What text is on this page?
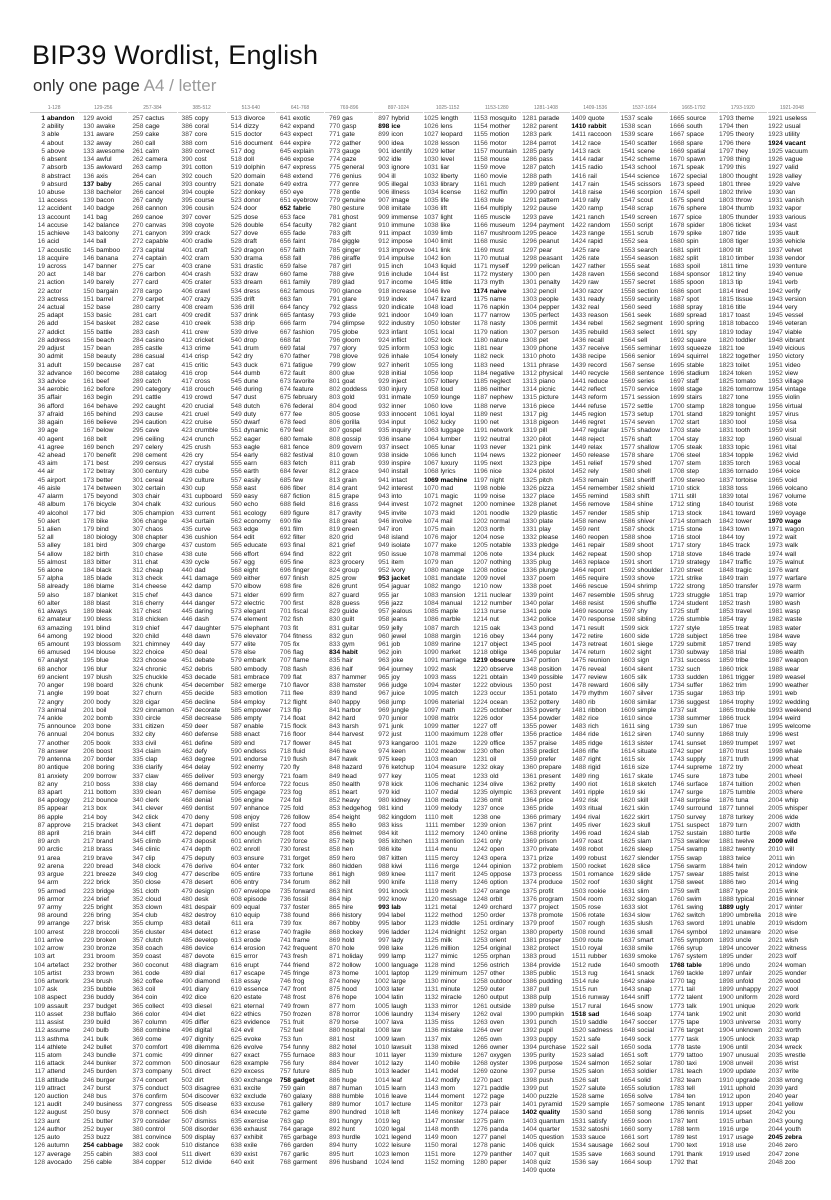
BIP39 Wordlist, English
only one page A4 / letter
1-128
1 abandon
2 ability
3 able
4 about
5 above
6 absent
7 absorb
8 abstract
9 absurd
10 abuse
11 access
12 accident
13 account
14 accuse
15 achieve
16 acid
17 acoustic
18 acquire
19 across
20 act
21 action
22 actor
23 actress
24 actual
25 adapt
26 add
27 addict
28 address
29 adjust
30 admit
31 adult
32 advance
33 advice
34 aerobic
35 affair
36 afford
37 afraid
38 again
39 age
40 agent
41 agree
42 ahead
43 aim
44 air
45 airport
46 aisle
47 alarm
48 album
49 alcohol
50 alert
51 alien
52 all
53 alley
54 allow
55 almost
56 alone
57 alpha
58 already
59 also
60 alter
61 always
62 amateur
63 amazing
64 among
65 amount
66 amused
67 analyst
68 anchor
69 ancient
70 anger
71 angle
72 angry
73 animal
74 ankle
75 announce
76 annual
77 another
78 answer
79 antenna
80 antique
81 anxiety
82 any
83 apart
84 apology
85 appear
86 apple
87 approve
88 april
89 arch
90 arctic
91 area
92 arena
93 argue
94 arm
95 armed
96 armor
97 army
98 around
99 arrange
100 arrest
101 arrive
102 arrow
103 art
104 artefact
105 artist
106 artwork
107 ask
108 aspect
109 assault
110 asset
111 assist
112 assume
113 asthma
114 athlete
115 atom
116 attack
117 attend
118 attitude
119 attract
120 auction
121 audit
122 august
123 aunt
124 author
125 auto
126 autumn
127 average
128 avocado
129-256
129 avoid
130 awake
131 aware
132 away
133 awesome
134 awful
135 awkward
136 axis
137 baby
138 bachelor
139 bacon
140 badge
141 bag
142 balance
143 balcony
144 ball
145 bamboo
146 banana
147 banner
148 bar
149 barely
150 bargain
151 barrel
152 base
153 basic
154 basket
155 battle
156 beach
157 bean
158 beauty
159 because
160 become
161 beef
162 before
163 begin
164 behave
165 behind
166 believe
167 below
168 belt
169 bench
170 benefit
171 best
172 betray
173 better
174 between
175 beyond
176 bicycle
177 bid
178 bike
179 bind
180 biology
181 bird
182 birth
183 bitter
184 black
185 blade
186 blame
187 blanket
188 blast
189 bleak
190 bless
191 blind
192 blood
193 blossom
194 blouse
195 blue
196 blur
197 blush
198 board
199 boat
200 body
201 boil
202 bomb
203 bone
204 bonus
205 book
206 boost
207 border
208 boring
209 borrow
210 boss
211 bottom
212 bounce
213 box
214 boy
215 bracket
216 brain
217 brand
218 brass
219 brave
220 bread
221 breeze
222 brick
223 bridge
224 brief
225 bright
226 bring
227 brisk
228 broccoli
229 broken
230 bronze
231 broom
232 brother
233 brown
234 brush
235 bubble
236 buddy
237 budget
238 buffalo
239 build
240 bulb
241 bulk
242 bullet
243 bundle
244 bunker
245 burden
246 burger
247 burst
248 bus
249 business
250 busy
251 butter
252 buyer
253 buzz
254 cabbage
255 cabin
256 cable
257-384
257 cactus
258 cage
259 cake
260 call
261 calm
262 camera
263 camp
264 can
265 canal
266 cancel
267 candy
268 cannon
269 canoe
270 canvas
271 canyon
272 capable
273 capital
274 captain
275 car
276 carbon
277 card
278 cargo
279 carpet
280 carry
281 cart
282 case
283 cash
284 casino
285 castle
286 casual
287 cat
288 catalog
289 catch
290 category
291 cattle
292 caught
293 cause
294 caution
295 cave
296 ceiling
297 celery
298 cement
299 census
300 century
301 cereal
302 certain
303 chair
304 chalk
305 champion
306 change
307 chaos
308 chapter
309 charge
310 chase
311 chat
312 cheap
313 check
314 cheese
315 chef
316 cherry
317 chest
318 chicken
319 chief
320 child
321 chimney
322 choice
323 choose
324 chronic
325 chuckle
326 chunk
327 churn
328 cigar
329 cinnamon
330 circle
331 citizen
332 city
333 civil
334 claim
335 clap
336 clarify
337 claw
338 clay
339 clean
340 clerk
341 clever
342 click
343 client
344 cliff
345 climb
346 clinic
347 clip
348 clock
349 clog
350 close
351 cloth
352 cloud
353 clown
354 club
355 clump
356 cluster
357 clutch
358 coach
359 coast
360 coconut
361 code
362 coffee
363 coil
364 coin
365 collect
366 color
367 column
368 combine
369 come
370 comfort
371 comic
372 common
373 company
374 concert
375 conduct
376 confirm
377 congress
378 connect
379 consider
380 control
381 convince
382 cook
383 cool
384 copper
385-512
385 copy
386 coral
387 core
388 corn
389 correct
390 cost
391 cotton
392 couch
393 country
394 couple
395 course
396 cousin
397 cover
398 coyote
399 crack
400 cradle
401 craft
402 cram
403 crane
404 crash
405 crater
406 crawl
407 crazy
408 cream
409 credit
410 creek
411 crew
412 cricket
413 crime
414 crisp
415 critic
416 crop
417 cross
418 crouch
419 crowd
420 crucial
421 cruel
422 cruise
423 crumble
424 crunch
425 crush
426 cry
427 crystal
428 cube
429 culture
430 cup
431 cupboard
432 curious
433 current
434 curtain
435 curve
436 cushion
437 custom
438 cute
439 cycle
440 dad
441 damage
442 damp
443 dance
444 danger
445 daring
446 dash
447 daughter
448 dawn
449 day
450 deal
451 debate
452 debris
453 decade
454 december
455 decide
456 decline
457 decorate
458 decrease
459 deer
460 defense
461 define
462 defy
463 degree
464 delay
465 deliver
466 demand
467 demise
468 denial
469 dentist
470 deny
471 depart
472 depend
473 deposit
474 depth
475 deputy
476 derive
477 describe
478 desert
479 design
480 desk
481 despair
482 destroy
483 detail
484 detect
485 develop
486 device
487 devote
488 diagram
489 dial
490 diamond
491 diary
492 dice
493 diesel
494 diet
495 differ
496 digital
497 dignity
498 dilemma
499 dinner
500 dinosaur
501 direct
502 dirt
503 disagree
504 discover
505 disease
506 dish
507 dismiss
508 disorder
509 display
510 distance
511 divert
512 divide
513-640
513 divorce
514 dizzy
515 doctor
516 document
517 dog
518 doll
519 dolphin
520 domain
521 donate
522 donkey
523 donor
524 door
525 dose
526 double
527 dove
528 draft
529 dragon
530 drama
531 drastic
532 draw
533 dream
534 dress
535 drift
536 drill
537 drink
538 drip
539 drive
540 drop
541 drum
542 dry
543 duck
544 dumb
545 dune
546 during
547 dust
548 dutch
549 duty
550 dwarf
551 dynamic
552 eager
553 eagle
554 early
555 earn
556 earth
557 easily
558 east
559 easy
560 echo
561 ecology
562 economy
563 edge
564 edit
565 educate
566 effort
567 egg
568 eight
569 either
570 elbow
571 elder
572 electric
573 elegant
574 element
575 elephant
576 elevator
577 elite
578 else
579 embark
580 embody
581 embrace
582 emerge
583 emotion
584 employ
585 empower
586 empty
587 enable
588 enact
589 end
590 endless
591 endorse
592 enemy
593 energy
594 enforce
595 engage
596 engine
597 enhance
598 enjoy
599 enlist
600 enough
601 enrich
602 enroll
603 ensure
604 enter
605 entire
606 entry
607 envelope
608 episode
609 equal
610 equip
611 era
612 erase
613 erode
614 erosion
615 error
616 erupt
617 escape
618 essay
619 essence
620 estate
621 eternal
622 ethics
623 evidence
624 evil
625 evoke
626 evolve
627 exact
628 example
629 excess
630 exchange
631 excite
632 exclude
633 excuse
634 execute
635 exercise
636 exhaust
637 exhibit
638 exile
639 exist
640 exit
641-768
641 exotic
642 expand
643 expect
644 expire
645 explain
646 expose
647 express
648 extend
649 extra
650 eye
651 eyebrow
652 fabric
653 face
654 faculty
655 fade
656 faint
657 faith
658 fall
659 false
660 fame
661 family
662 famous
663 fan
664 fancy
665 fantasy
666 farm
667 fashion
668 fat
669 fatal
670 father
671 fatigue
672 fault
673 favorite
674 feature
675 february
676 federal
677 fee
678 feed
679 feel
680 female
681 fence
682 festival
683 fetch
684 fever
685 few
686 fiber
687 fiction
688 field
689 figure
690 file
691 film
692 filter
693 final
694 find
695 fine
696 finger
697 finish
698 fire
699 firm
700 first
701 fiscal
702 fish
703 fit
704 fitness
705 fix
706 flag
707 flame
708 flash
709 flat
710 flavor
711 flee
712 flight
713 flip
714 float
715 flock
716 floor
717 flower
718 fluid
719 flush
720 fly
721 foam
722 focus
723 fog
724 foil
725 fold
726 follow
727 food
728 foot
729 force
730 forest
731 forget
732 fork
733 fortune
734 forum
735 forward
736 fossil
737 foster
738 found
739 fox
740 fragile
741 frame
742 frequent
743 fresh
744 friend
745 fringe
746 frog
747 front
748 frost
749 frown
750 frozen
751 fruit
752 fuel
753 fun
754 funny
755 furnace
756 fury
757 future
758 gadget
759 gain
760 galaxy
761 gallery
762 game
763 gap
764 garage
765 garbage
766 garden
767 garlic
768 garment
769-896
769 gas
770 gasp
771 gate
772 gather
773 gauge
774 gaze
775 general
776 genius
777 genre
778 gentle
779 genuine
780 gesture
781 ghost
782 giant
783 gift
784 giggle
785 ginger
786 giraffe
787 girl
788 give
789 glad
790 glance
791 glare
792 glass
793 glide
794 glimpse
795 globe
796 gloom
797 glory
798 glove
799 glow
800 glue
801 goat
802 goddess
803 gold
804 good
805 goose
806 gorilla
807 gospel
808 gossip
809 govern
810 gown
811 grab
812 grace
813 grain
814 grant
815 grape
816 grass
817 gravity
818 great
819 green
820 grid
821 grief
822 grit
823 grocery
824 group
825 grow
826 grunt
827 guard
828 guess
829 guide
830 guilt
831 guitar
832 gun
833 gym
834 habit
835 hair
836 half
837 hammer
838 hamster
839 hand
840 happy
841 harbor
842 hard
843 harsh
844 harvest
845 hat
846 have
847 hawk
848 hazard
849 head
850 health
851 heart
852 heavy
853 hedgehog
854 height
855 hello
856 helmet
857 help
858 hen
859 hero
860 hidden
861 high
862 hill
863 hint
864 hip
865 hire
866 history
867 hobby
868 hockey
869 hold
870 hole
871 holiday
872 hollow
873 home
874 honey
875 hood
876 hope
877 horn
878 horror
879 horse
880 hospital
881 host
882 hotel
883 hour
884 hover
885 hub
886 huge
887 human
888 humble
889 humor
890 hundred
891 hungry
892 hunt
893 hurdle
894 hurry
895 hurt
896 husband
897-1024
897 hybrid
898 ice
899 icon
900 idea
901 identify
902 idle
903 ignore
904 ill
905 illegal
906 illness
907 image
908 imitate
909 immense
910 immune
911 impact
912 impose
913 improve
914 impulse
915 inch
916 include
917 income
918 increase
919 index
920 indicate
921 indoor
922 industry
923 infant
924 inflict
925 inform
926 inhale
927 inherit
928 initial
929 inject
930 injury
931 inmate
932 inner
933 innocent
934 input
935 inquiry
936 insane
937 insect
938 inside
939 inspire
940 install
941 intact
942 interest
943 into
944 invest
945 invite
946 involve
947 iron
948 island
949 isolate
950 issue
951 item
952 ivory
953 jacket
954 jaguar
955 jar
956 jazz
957 jealous
958 jeans
959 jelly
960 jewel
961 job
962 join
963 joke
964 journey
965 joy
966 judge
967 juice
968 jump
969 jungle
970 junior
971 junk
972 just
973 kangaroo
974 keen
975 keep
976 ketchup
977 key
978 kick
979 kid
980 kidney
981 kind
982 kingdom
983 kiss
984 kit
985 kitchen
986 kite
987 kitten
988 kiwi
989 knee
990 knife
991 knock
992 know
993 lab
994 label
995 labor
996 ladder
997 lady
998 lake
999 lamp
1000 language
1001 laptop
1002 large
1003 later
1004 latin
1005 laugh
1006 laundry
1007 lava
1008 law
1009 lawn
1010 lawsuit
1011 layer
1012 lazy
1013 leader
1014 leaf
1015 learn
1016 leave
1017 lecture
1018 left
1019 leg
1020 legal
1021 legend
1022 leisure
1023 lemon
1024 lend
1025-1152
1025 length
1026 lens
1027 leopard
1028 lesson
1029 letter
1030 level
1031 liar
1032 liberty
1033 library
1034 license
1035 life
1036 lift
1037 light
1038 like
1039 limb
1040 limit
1041 link
1042 lion
1043 liquid
1044 list
1045 little
1046 live
1047 lizard
1048 load
1049 loan
1050 lobster
1051 local
1052 lock
1053 logic
1054 lonely
1055 long
1056 loop
1057 lottery
1058 loud
1059 lounge
1060 love
1061 loyal
1062 lucky
1063 luggage
1064 lumber
1065 lunar
1066 lunch
1067 luxury
1068 lyrics
1069 machine
1070 mad
1071 magic
1072 magnet
1073 maid
1074 mail
1075 main
1076 major
1077 make
1078 mammal
1079 man
1080 manage
1081 mandate
1082 mango
1083 mansion
1084 manual
1085 maple
1086 marble
1087 march
1088 margin
1089 marine
1090 market
1091 marriage
1092 mask
1093 mass
1094 master
1095 match
1096 material
1097 math
1098 matrix
1099 matter
1100 maximum
1101 maze
1102 meadow
1103 mean
1104 measure
1105 meat
1106 mechanic
1107 medal
1108 media
1109 melody
1110 melt
1111 member
1112 memory
1113 mention
1114 menu
1115 mercy
1116 merge
1117 merit
1118 merry
1119 mesh
1120 message
1121 metal
1122 method
1123 middle
1124 midnight
1125 milk
1126 million
1127 mimic
1128 mind
1129 minimum
1130 minor
1131 minute
1132 miracle
1133 mirror
1134 misery
1135 miss
1136 mistake
1137 mix
1138 mixed
1139 mixture
1140 mobile
1141 model
1142 modify
1143 mom
1144 moment
1145 monitor
1146 monkey
1147 monster
1148 month
1149 moon
1150 moral
1151 more
1152 morning
1153-1280
1153 mosquito
1154 mother
1155 motion
1156 motor
1157 mountain
1158 mouse
1159 move
1160 movie
1161 much
1162 muffin
1163 mule
1164 multiply
1165 muscle
1166 museum
1167 mushroom
1168 music
1169 must
1170 mutual
1171 myself
1172 mystery
1173 myth
1174 naive
1175 name
1176 napkin
1177 narrow
1178 nasty
1179 nation
1180 nature
1181 near
1182 neck
1183 need
1184 negative
1185 neglect
1186 neither
1187 nephew
1188 nerve
1189 nest
1190 net
1191 network
1192 neutral
1193 never
1194 news
1195 next
1196 nice
1197 night
1198 noble
1199 noise
1200 nominee
1201 noodle
1202 normal
1203 north
1204 nose
1205 notable
1206 note
1207 nothing
1208 notice
1209 novel
1210 now
1211 nuclear
1212 number
1213 nurse
1214 nut
1215 oak
1216 obey
1217 object
1218 oblige
1219 obscure
1220 observe
1221 obtain
1222 obvious
1223 occur
1224 ocean
1225 october
1226 odor
1227 off
1228 offer
1229 office
1230 often
1231 oil
1232 okay
1233 old
1234 olive
1235 olympic
1236 omit
1237 once
1238 one
1239 onion
1240 online
1241 only
1242 open
1243 opera
1244 opinion
1245 oppose
1246 option
1247 orange
1248 orbit
1249 orchard
1250 order
1251 ordinary
1252 organ
1253 orient
1254 original
1255 orphan
1256 ostrich
1257 other
1258 outdoor
1259 outer
1260 output
1261 outside
1262 oval
1263 oven
1264 over
1265 own
1266 owner
1267 oxygen
1268 oyster
1269 ozone
1270 pact
1271 paddle
1272 page
1273 pair
1274 palace
1275 palm
1276 panda
1277 panel
1278 panic
1279 panther
1280 paper
1281-1408
1281 parade
1282 parent
1283 park
1284 parrot
1285 party
1286 pass
1287 patch
1288 path
1289 patient
1290 patrol
1291 pattern
1292 pause
1293 pave
1294 payment
1295 peace
1296 peanut
1297 pear
1298 peasant
1299 pelican
1300 pen
1301 penalty
1302 pencil
1303 people
1304 pepper
1305 perfect
1306 permit
1307 person
1308 pet
1309 phone
1310 photo
1311 phrase
1312 physical
1313 piano
1314 picnic
1315 picture
1316 piece
1317 pig
1318 pigeon
1319 pill
1320 pilot
1321 pink
1322 pioneer
1323 pipe
1324 pistol
1325 pitch
1326 pizza
1327 place
1328 planet
1329 plastic
1330 plate
1331 play
1332 please
1333 pledge
1334 pluck
1335 plug
1336 plunge
1337 poem
1338 poet
1339 point
1340 polar
1341 pole
1342 police
1343 pond
1344 pony
1345 pool
1346 popular
1347 portion
1348 position
1349 possible
1350 post
1351 potato
1352 pottery
1353 poverty
1354 powder
1355 power
1356 practice
1357 praise
1358 predict
1359 prefer
1360 prepare
1361 present
1362 pretty
1363 prevent
1364 price
1365 pride
1366 primary
1367 print
1368 priority
1369 prison
1370 private
1371 prize
1372 problem
1373 process
1374 produce
1375 profit
1376 program
1377 project
1378 promote
1379 proof
1380 property
1381 prosper
1382 protect
1383 proud
1384 provide
1385 public
1386 pudding
1387 pull
1388 pulp
1389 pulse
1390 pumpkin
1391 punch
1392 pupil
1393 puppy
1394 purchase
1395 purity
1396 purpose
1397 purse
1398 push
1399 put
1400 puzzle
1401 pyramid
1402 quality
1403 quantum
1404 quarter
1405 question
1406 quick
1407 quit
1408 quiz
1409 quote
1409-1536
1409 quote
1410 rabbit
1411 raccoon
1412 race
1413 rack
1414 radar
1415 radio
1416 rail
1417 rain
1418 raise
1419 rally
1420 ramp
1421 ranch
1422 random
1423 range
1424 rapid
1425 rare
1426 rate
1427 rather
1428 raven
1429 raw
1430 razor
1431 ready
1432 real
1433 reason
1434 rebel
1435 rebuild
1436 recall
1437 receive
1438 recipe
1439 record
1440 recycle
1441 reduce
1442 reflect
1443 reform
1444 refuse
1445 region
1446 regret
1447 regular
1448 reject
1449 relax
1450 release
1451 relief
1452 rely
1453 remain
1454 remember
1455 remind
1456 remove
1457 render
1458 renew
1459 rent
1460 reopen
1461 repair
1462 repeat
1463 replace
1464 report
1465 require
1466 rescue
1467 resemble
1468 resist
1469 resource
1470 response
1471 result
1472 retire
1473 retreat
1474 return
1475 reunion
1476 reveal
1477 review
1478 reward
1479 rhythm
1480 rib
1481 ribbon
1482 rice
1483 rich
1484 ride
1485 ridge
1486 rifle
1487 right
1488 rigid
1489 ring
1490 riot
1491 ripple
1492 risk
1493 ritual
1494 rival
1495 river
1496 road
1497 roast
1498 robot
1499 robust
1500 rocket
1501 romance
1502 roof
1503 rookie
1504 room
1505 rose
1506 rotate
1507 rough
1508 round
1509 route
1510 royal
1511 rubber
1512 rude
1513 rug
1514 rule
1515 run
1516 runway
1517 rural
1518 sad
1519 saddle
1520 sadness
1521 safe
1522 sail
1523 salad
1524 salmon
1525 salon
1526 salt
1527 salute
1528 same
1529 sample
1530 sand
1531 satisfy
1532 satoshi
1533 sauce
1534 sausage
1535 save
1536 say
1537-1664
1537 scale
1538 scan
1539 scare
1540 scatter
1541 scene
1542 scheme
1543 school
1544 science
1545 scissors
1546 scorpion
1547 scout
1548 scrap
1549 screen
1550 script
1551 scrub
1552 sea
1553 search
1554 season
1555 seat
1556 second
1557 secret
1558 section
1559 security
1560 seed
1561 seek
1562 segment
1563 select
1564 sell
1565 seminar
1566 senior
1567 sense
1568 sentence
1569 series
1570 service
1571 session
1572 settle
1573 setup
1574 seven
1575 shadow
1576 shaft
1577 shallow
1578 share
1579 shed
1580 shell
1581 sheriff
1582 shield
1583 shift
1584 shine
1585 ship
1586 shiver
1587 shock
1588 shoe
1589 shoot
1590 shop
1591 short
1592 shoulder
1593 shove
1594 shrimp
1595 shrug
1596 shuffle
1597 shy
1598 sibling
1599 sick
1600 side
1601 siege
1602 sight
1603 sign
1604 silent
1605 silk
1606 silly
1607 silver
1608 similar
1609 simple
1610 since
1611 sing
1612 siren
1613 sister
1614 situate
1615 six
1616 size
1617 skate
1618 sketch
1619 ski
1620 skill
1621 skin
1622 skirt
1623 skull
1624 slab
1625 slam
1626 sleep
1627 slender
1628 slice
1629 slide
1630 slight
1631 slim
1632 slogan
1633 slot
1634 slow
1635 slush
1636 small
1637 smart
1638 smile
1639 smoke
1640 smooth
1641 snack
1642 snake
1643 snap
1644 sniff
1645 snow
1646 soap
1647 soccer
1648 social
1649 sock
1650 soda
1651 soft
1652 solar
1653 soldier
1654 solid
1655 solution
1656 solve
1657 someone
1658 song
1659 soon
1660 sorry
1661 sort
1662 soul
1663 sound
1664 soup
1665-1792
1665 source
1666 south
1667 space
1668 spare
1669 spatial
1670 spawn
1671 speak
1672 special
1673 speed
1674 spell
1675 spend
1676 sphere
1677 spice
1678 spider
1679 spike
1680 spin
1681 spirit
1682 split
1683 spoil
1684 sponsor
1685 spoon
1686 sport
1687 spot
1688 spray
1689 spread
1690 spring
1691 spy
1692 square
1693 squeeze
1694 squirrel
1695 stable
1696 stadium
1697 staff
1698 stage
1699 stairs
1700 stamp
1701 stand
1702 start
1703 state
1704 stay
1705 steak
1706 steel
1707 stem
1708 step
1709 stereo
1710 stick
1711 still
1712 sting
1713 stock
1714 stomach
1715 stone
1716 stool
1717 story
1718 stove
1719 strategy
1720 street
1721 strike
1722 strong
1723 struggle
1724 student
1725 stuff
1726 stumble
1727 style
1728 subject
1729 submit
1730 subway
1731 success
1732 such
1733 sudden
1734 suffer
1735 sugar
1736 suggest
1737 suit
1738 summer
1739 sun
1740 sunny
1741 sunset
1742 super
1743 supply
1744 supreme
1745 sure
1746 surface
1747 surge
1748 surprise
1749 surround
1750 survey
1751 suspect
1752 sustain
1753 swallow
1754 swamp
1755 swap
1756 swarm
1757 swear
1758 sweet
1759 swift
1760 swim
1761 swing
1762 switch
1763 sword
1764 symbol
1765 symptom
1766 syrup
1767 system
1768 table
1769 tackle
1770 tag
1771 tail
1772 talent
1773 talk
1774 tank
1775 tape
1776 target
1777 task
1778 taste
1779 tattoo
1780 taxi
1781 teach
1782 team
1783 tell
1784 ten
1785 tenant
1786 tennis
1787 tent
1788 term
1789 test
1790 text
1791 thank
1792 that
1793-1920
1793 theme
1794 then
1795 theory
1796 there
1797 they
1798 thing
1799 this
1800 thought
1801 three
1802 thrive
1803 throw
1804 thumb
1805 thunder
1806 ticket
1807 tide
1808 tiger
1809 tilt
1810 timber
1811 time
1812 tiny
1813 tip
1814 tired
1815 tissue
1816 title
1817 toast
1818 tobacco
1819 today
1820 toddler
1821 toe
1822 together
1823 toilet
1824 token
1825 tomato
1826 tomorrow
1827 tone
1828 tongue
1829 tonight
1830 tool
1831 tooth
1832 top
1833 topic
1834 topple
1835 torch
1836 tornado
1837 tortoise
1838 toss
1839 total
1840 tourist
1841 toward
1842 tower
1843 town
1844 toy
1845 track
1846 trade
1847 traffic
1848 tragic
1849 train
1850 transfer
1851 trap
1852 trash
1853 travel
1854 tray
1855 treat
1856 tree
1857 trend
1858 trial
1859 tribe
1860 trick
1861 trigger
1862 trim
1863 trip
1864 trophy
1865 trouble
1866 truck
1867 true
1868 truly
1869 trumpet
1870 trust
1871 truth
1872 try
1873 tube
1874 tuition
1875 tumble
1876 tuna
1877 tunnel
1878 turkey
1879 turn
1880 turtle
1881 twelve
1882 twenty
1883 twice
1884 twin
1885 twist
1886 two
1887 type
1888 typical
1889 ugly
1890 umbrella
1891 unable
1892 unaware
1893 uncle
1894 uncover
1895 under
1896 undo
1897 unfair
1898 unfold
1899 unhappy
1900 uniform
1901 unique
1902 unit
1903 universe
1904 unknown
1905 unlock
1906 until
1907 unusual
1908 unveil
1909 update
1910 upgrade
1911 uphold
1912 upon
1913 upper
1914 upset
1915 urban
1916 urge
1917 usage
1918 use
1919 used
1921-2048
1921 useless
1922 usual
1923 utility
1924 vacant
1925 vacuum
1926 vague
1927 valid
1928 valley
1929 valve
1930 van
1931 vanish
1932 vapor
1933 various
1934 vast
1935 vault
1936 vehicle
1937 velvet
1938 vendor
1939 venture
1940 venue
1941 verb
1942 verify
1943 version
1944 very
1945 vessel
1946 veteran
1947 viable
1948 vibrant
1949 vicious
1950 victory
1951 video
1952 view
1953 village
1954 vintage
1955 violin
1956 virtual
1957 virus
1958 visa
1959 visit
1960 visual
1961 vital
1962 vivid
1963 vocal
1964 voice
1965 void
1966 volcano
1967 volume
1968 vote
1969 voyage
1970 wage
1971 wagon
1972 wait
1973 walk
1974 wall
1975 walnut
1976 want
1977 warfare
1978 warm
1979 warrior
1980 wash
1981 wasp
1982 waste
1983 water
1984 wave
1985 way
1986 wealth
1987 weapon
1988 wear
1989 weasel
1990 weather
1991 web
1992 wedding
1993 weekend
1994 weird
1995 welcome
1996 west
1997 wet
1998 whale
1999 what
2000 wheat
2001 wheel
2002 when
2003 where
2004 whip
2005 whisper
2006 wide
2007 width
2008 wife
2009 wild
2010 will
2011 win
2012 window
2013 wine
2014 wing
2015 wink
2016 winner
2017 winter
2018 wire
2019 wisdom
2020 wise
2021 wish
2022 witness
2023 wolf
2024 woman
2025 wonder
2026 wood
2027 wool
2028 word
2029 work
2030 world
2031 worry
2032 worth
2033 wrap
2034 wreck
2035 wrestle
2036 wrist
2037 write
2038 wrong
2039 yard
2040 year
2041 yellow
2042 you
2043 young
2044 youth
2045 zebra
2046 zero
2047 zone
2048 zoo
